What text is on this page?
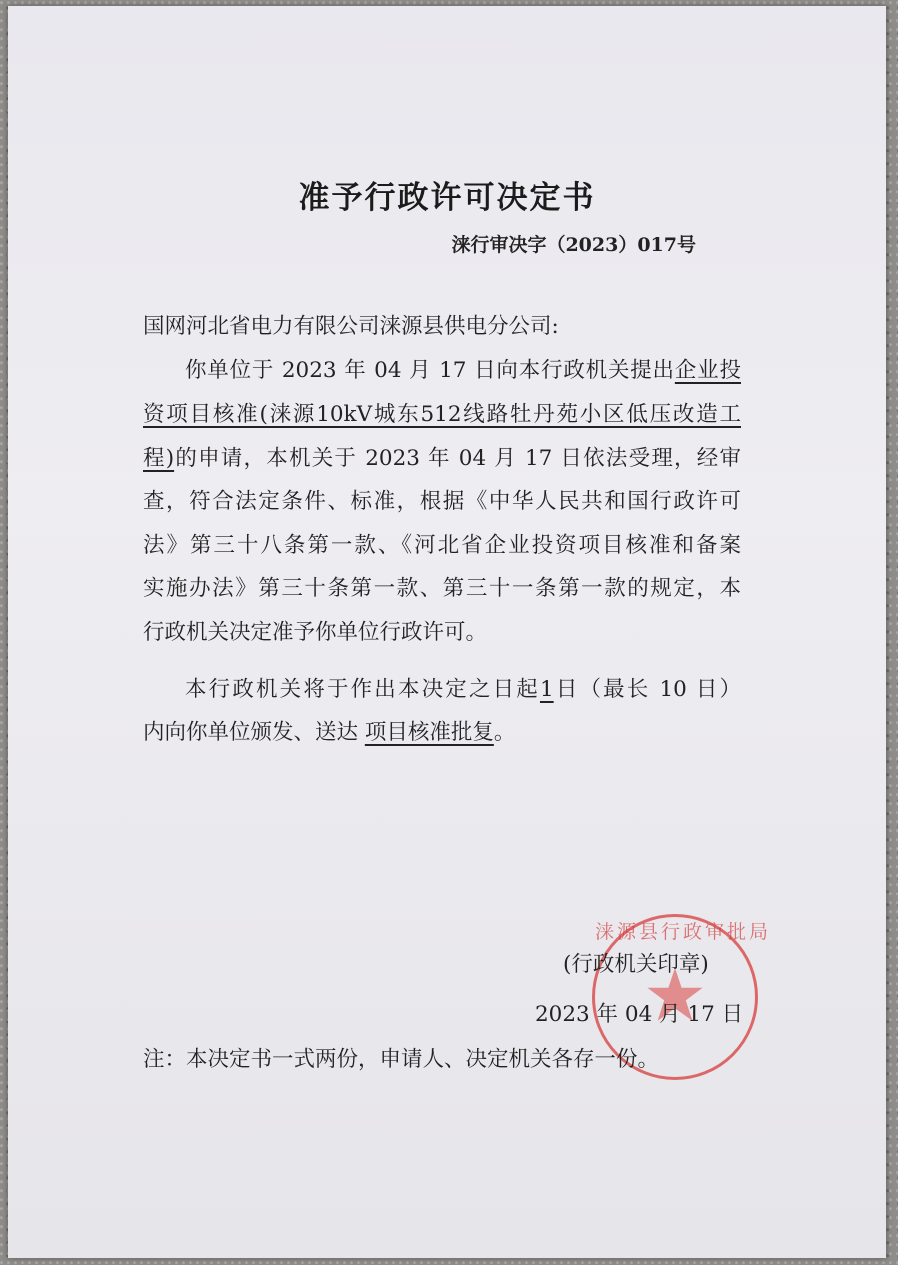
准予行政许可决定书
涞行审决字（2023）017号
国网河北省电力有限公司涞源县供电分公司:
你单位于 2023 年 04 月 17 日向本行政机关提出企业投
资项目核准(涞源10kV城东512线路牡丹苑小区低压改造工
程)的申请，本机关于 2023 年 04 月 17 日依法受理，经审
查，符合法定条件、标准，根据《中华人民共和国行政许可
法》第三十八条第一款、《河北省企业投资项目核准和备案
实施办法》第三十条第一款、第三十一条第一款的规定，本
行政机关决定准予你单位行政许可。
本行政机关将于作出本决定之日起1日（最长 10 日）
内向你单位颁发、送达 项目核准批复。
涞源县行政审批局
(行政机关印章)
2023 年 04 月 17 日
注：本决定书一式两份，申请人、决定机关各存一份。
